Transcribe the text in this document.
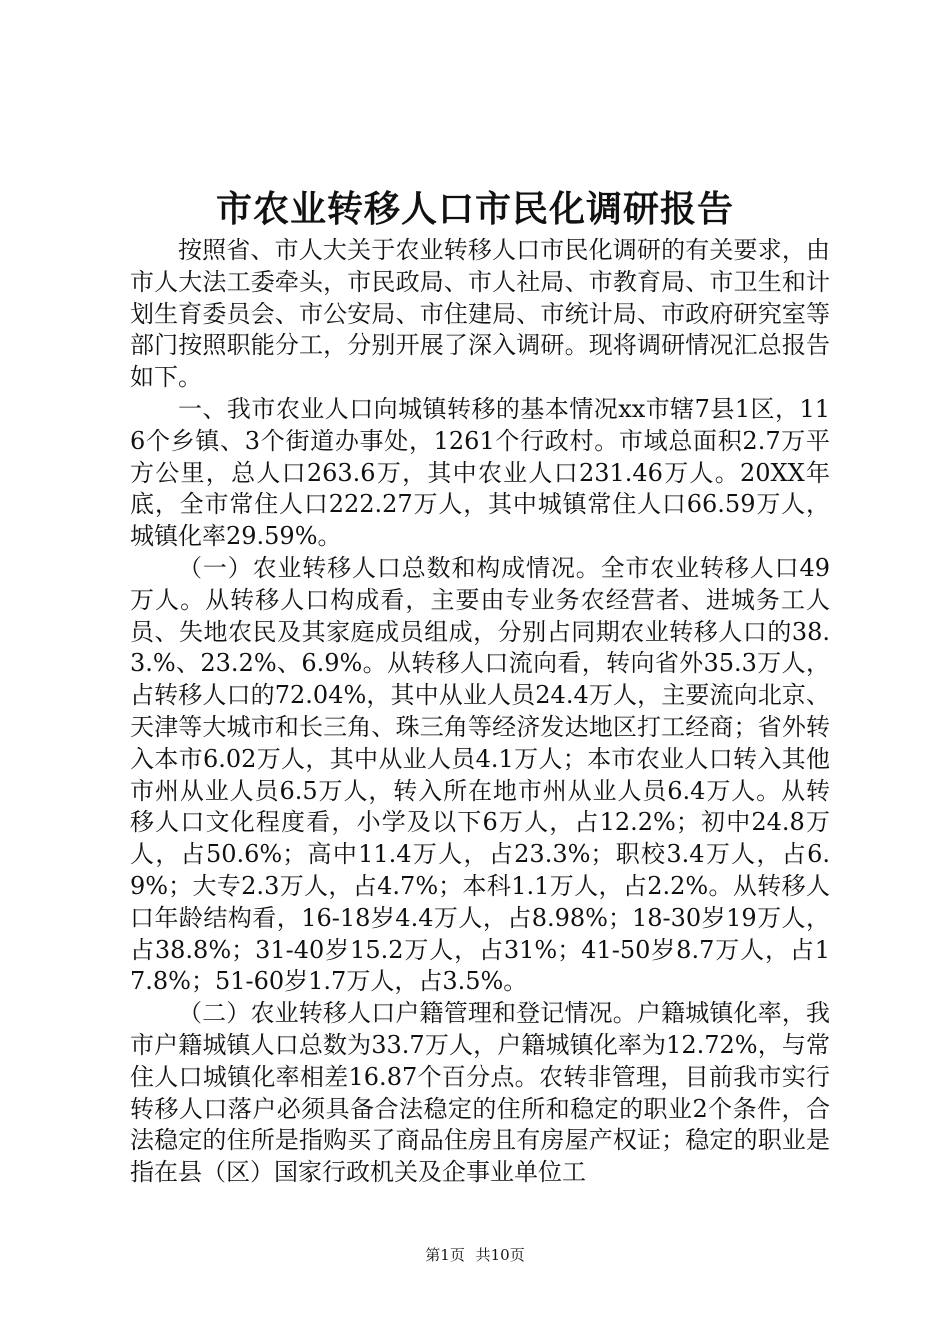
市农业转移人口市民化调研报告

按照省、市人大关于农业转移人口市民化调研的有关要求，由市人大法工委牵头，市民政局、市人社局、市教育局、市卫生和计划生育委员会、市公安局、市住建局、市统计局、市政府研究室等部门按照职能分工，分别开展了深入调研。现将调研情况汇总报告如下。

一、我市农业人口向城镇转移的基本情况xx市辖7县1区，116个乡镇、3个街道办事处，1261个行政村。市域总面积2.7万平方公里，总人口263.6万，其中农业人口231.46万人。20XX年底，全市常住人口222.27万人，其中城镇常住人口66.59万人，城镇化率29.59%。

（一）农业转移人口总数和构成情况。全市农业转移人口49万人。从转移人口构成看，主要由专业务农经营者、进城务工人员、失地农民及其家庭成员组成，分别占同期农业转移人口的38.3.%、23.2%、6.9%。从转移人口流向看，转向省外35.3万人，占转移人口的72.04%，其中从业人员24.4万人，主要流向北京、天津等大城市和长三角、珠三角等经济发达地区打工经商；省外转入本市6.02万人，其中从业人员4.1万人；本市农业人口转入其他市州从业人员6.5万人，转入所在地市州从业人员6.4万人。从转移人口文化程度看，小学及以下6万人，占12.2%；初中24.8万人，占50.6%；高中11.4万人，占23.3%；职校3.4万人，占6.9%；大专2.3万人，占4.7%；本科1.1万人，占2.2%。从转移人口年龄结构看，16-18岁4.4万人，占8.98%；18-30岁19万人，占38.8%；31-40岁15.2万人，占31%；41-50岁8.7万人，占17.8%；51-60岁1.7万人，占3.5%。

（二）农业转移人口户籍管理和登记情况。户籍城镇化率，我市户籍城镇人口总数为33.7万人，户籍城镇化率为12.72%，与常住人口城镇化率相差16.87个百分点。农转非管理，目前我市实行转移人口落户必须具备合法稳定的住所和稳定的职业2个条件，合法稳定的住所是指购买了商品住房且有房屋产权证；稳定的职业是指在县（区）国家行政机关及企事业单位工

第1页 共10页
